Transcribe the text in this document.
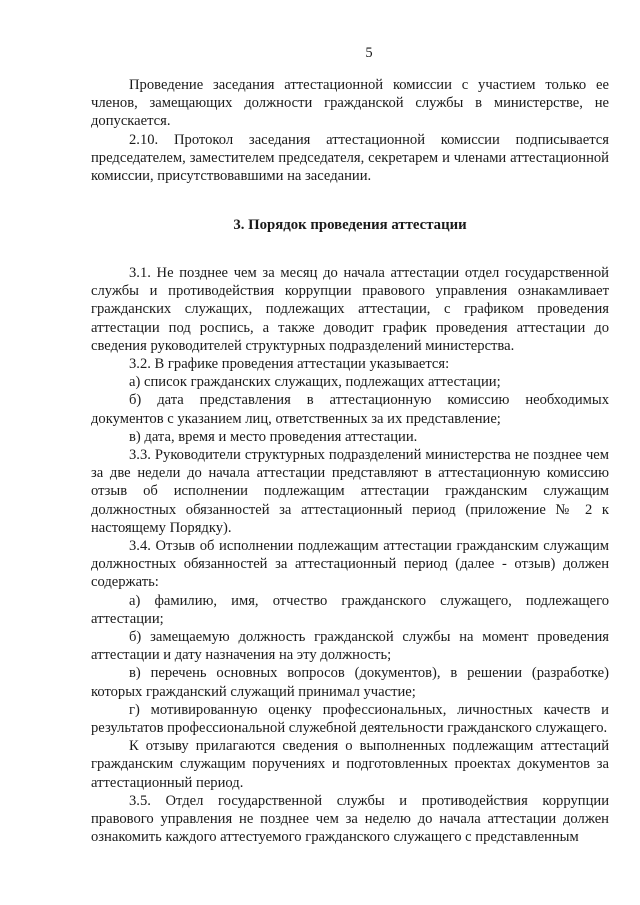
5

Проведение заседания аттестационной комиссии с участием только ее членов, замещающих должности гражданской службы в министерстве, не допускается.

2.10. Протокол заседания аттестационной комиссии подписывается председателем, заместителем председателя, секретарем и членами аттестационной комиссии, присутствовавшими на заседании.

3. Порядок проведения аттестации

3.1. Не позднее чем за месяц до начала аттестации отдел государственной службы и противодействия коррупции правового управления ознакамливает гражданских служащих, подлежащих аттестации, с графиком проведения аттестации под роспись, а также доводит график проведения аттестации до сведения руководителей структурных подразделений министерства.

3.2. В графике проведения аттестации указывается:

а) список гражданских служащих, подлежащих аттестации;

б) дата представления в аттестационную комиссию необходимых документов с указанием лиц, ответственных за их представление;

в) дата, время и место проведения аттестации.

3.3. Руководители структурных подразделений министерства не позднее чем за две недели до начала аттестации представляют в аттестационную комиссию отзыв об исполнении подлежащим аттестации гражданским служащим должностных обязанностей за аттестационный период (приложение № 2 к настоящему Порядку).

3.4. Отзыв об исполнении подлежащим аттестации гражданским служащим должностных обязанностей за аттестационный период (далее - отзыв) должен содержать:

а) фамилию, имя, отчество гражданского служащего, подлежащего аттестации;

б) замещаемую должность гражданской службы на момент проведения аттестации и дату назначения на эту должность;

в) перечень основных вопросов (документов), в решении (разработке) которых гражданский служащий принимал участие;

г) мотивированную оценку профессиональных, личностных качеств и результатов профессиональной служебной деятельности гражданского служащего.

К отзыву прилагаются сведения о выполненных подлежащим аттестаций гражданским служащим поручениях и подготовленных проектах документов за аттестационный период.

3.5. Отдел государственной службы и противодействия коррупции правового управления не позднее чем за неделю до начала аттестации должен ознакомить каждого аттестуемого гражданского служащего с представленным
